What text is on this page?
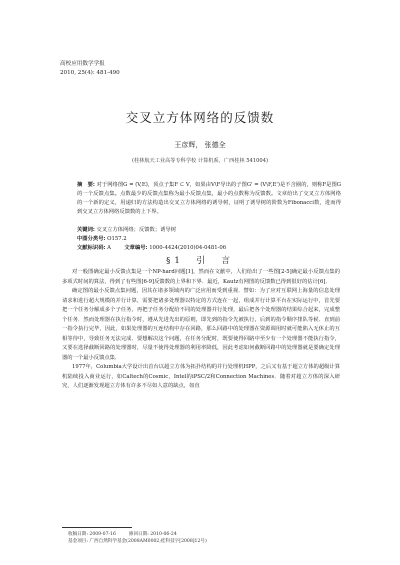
高校应用数学学报
2010, 25(4): 481-490
交叉立方体网络的反馈数
王彦辉， 张德全
(桂林航天工业高等专科学校 计算机系，广西桂林 541004)
摘　要: 对于网络图G = (V,E)，顶点子集F ⊂ V，如果由V\F导出的子图G' = (V\F,E')是不含圈的，则称F是图G的一个反馈点集。点数最少的反馈点集称为最小反馈点集，最小的点数称为反馈数。文章给出了交叉立方体网络的一个新的定义，用递归的方法构造出交叉立方体网络的诱导树，证明了诱导树的阶数为Fibonacci数，进而得到交叉立方体网络反馈数的上下界。
关键词: 交叉立方体网络；反馈数；诱导树
中图分类号: O157.2
文献标识码: A	文章编号: 1000-4424(2010)04-0481-06
§1　引　言

对一般图确定最小反馈点集是一个NP-hard问题[1]，然而在文献中，人们给出了一些图[2-5]确定最小反馈点集的多项式时间的算法，得到了有些图[6-9]反馈数的上界和下界．最近，Kautz有网图的反馈数已得到很好的估计[6]．

确定图的最小反馈点集问题，因其在诸多领域内的广泛应用而受到重视．譬如：为了应对互联网上海量的信息处理请求和进行超大规模的并行计算，需要把诸多处理器以特定的方式连在一起，组成并行计算平台在实际运行中，首先要把一个任务分解成多个子任务，再把子任务分配给不同的处理器并行处理，最后把各个处理器的结果综合起来，完成整个任务．然而处理器在执行指令时，遵从先进先出的原则，即先到的指令先被执行，后到的指令顺序排队等候．直到前一指令执行完毕，因此，如果处理器的互连结构中存在回路，那么回路中的处理器在资源调用时就可能陷入无休止的互相等待中，导致任务无法完成．要想解决这个问题，在任务分配时，既要使得回路中至少有一个处理器不能执行指令，又要在选择截断回路的处理器时，尽量不使得处理器的利用率降低，因此考虑如何截断回路中的处理器就是要确定处理器的一个最小反馈点集．

1977年，Columbia大学设计出首台以超立方体为拓扑结构的并行处理机HPP，之后又有基于超立方体的超级计算机陆续投入商业运行，如Caltech的Cosmic，Intel的iPSC/2和Connection Machines．随着对超立方体的深入研究，人们逐渐发现超立方体有许多不尽如人意的缺点，如直

收稿日期: 2009-07-16	修回日期: 2010-06-24
基金项目: 广西自然科学基金(2008AM0002;桂科技字[2008]12号)
